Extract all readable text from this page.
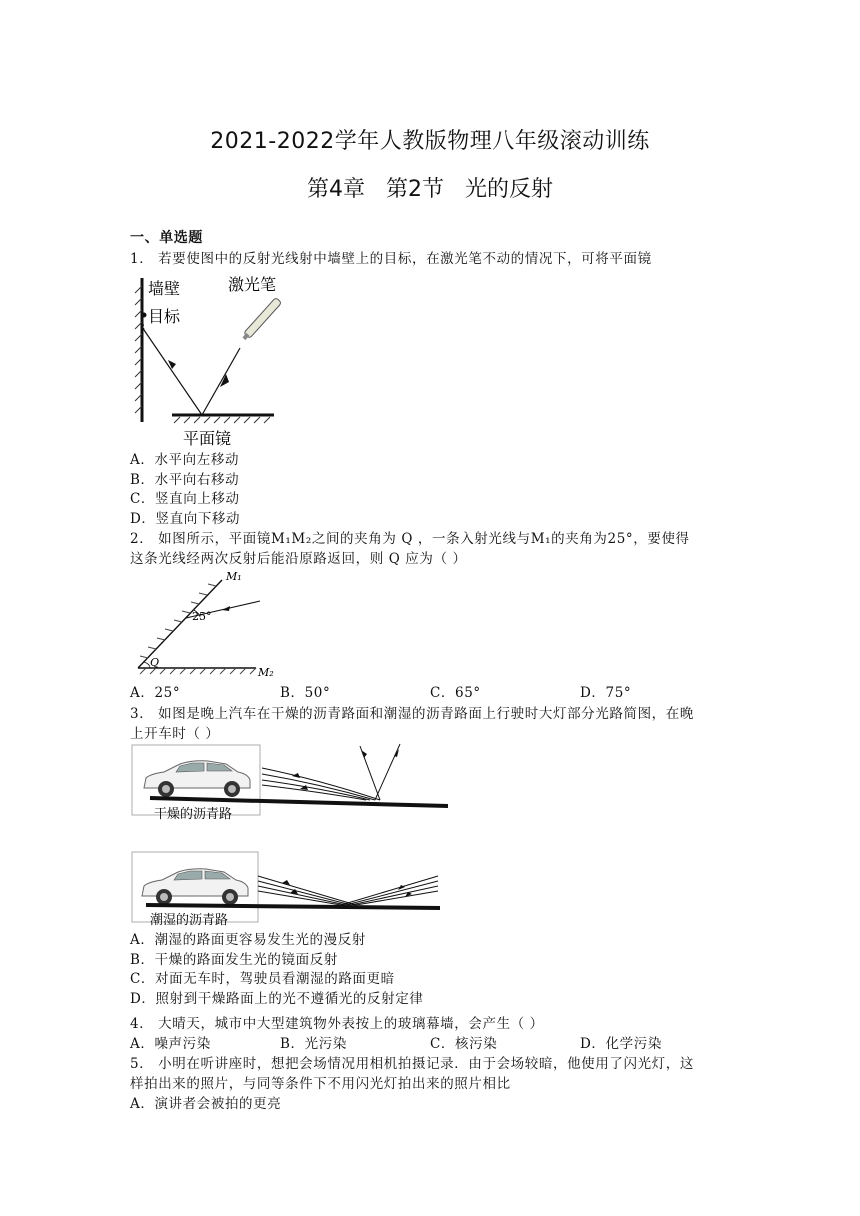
2021-2022学年人教版物理八年级滚动训练
第4章 第2节 光的反射
一、单选题
1． 若要使图中的反射光线射中墙壁上的目标，在激光笔不动的情况下，可将平面镜
墙壁
目标
激光笔
平面镜
A．水平向左移动
B．水平向右移动
C．竖直向上移动
D．竖直向下移动
2． 如图所示，平面镜M₁M₂之间的夹角为 Q ，一条入射光线与M₁的夹角为25°，要使得
这条光线经两次反射后能沿原路返回，则 Q 应为（ ）
25°
M₁
M₂
Q
A．25°	B．50°	C．65°	D．75°
3． 如图是晚上汽车在干燥的沥青路面和潮湿的沥青路面上行驶时大灯部分光路简图，在晚
上开车时（ ）
干燥的沥青路
潮湿的沥青路
A．潮湿的路面更容易发生光的漫反射
B．干燥的路面发生光的镜面反射
C．对面无车时，驾驶员看潮湿的路面更暗
D．照射到干燥路面上的光不遵循光的反射定律
4． 大晴天，城市中大型建筑物外表按上的玻璃幕墙，会产生（ ）
A．噪声污染	B．光污染	C．核污染	D．化学污染
5． 小明在听讲座时，想把会场情况用相机拍摄记录．由于会场较暗，他使用了闪光灯，这
样拍出来的照片，与同等条件下不用闪光灯拍出来的照片相比
A．演讲者会被拍的更亮
